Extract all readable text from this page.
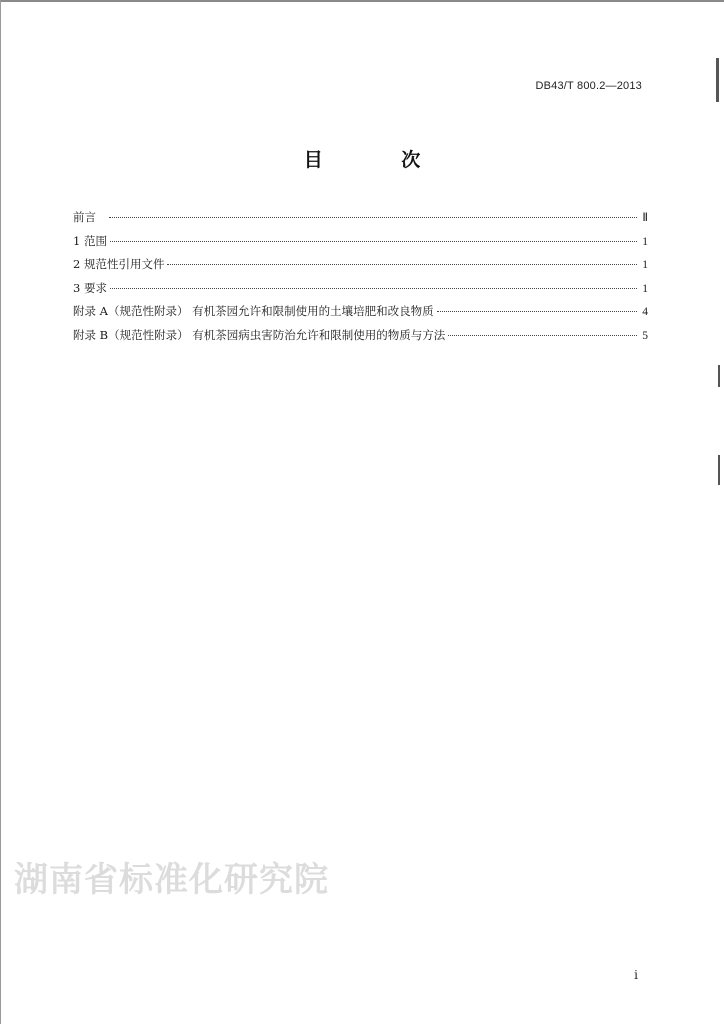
DB43/T 800.2—2013
目 次
前言	Ⅱ
1 范围	1
2 规范性引用文件	1
3 要求	1
附录 A（规范性附录） 有机茶园允许和限制使用的土壤培肥和改良物质	4
附录 B（规范性附录） 有机茶园病虫害防治允许和限制使用的物质与方法	5
湖南省标准化研究院
i
